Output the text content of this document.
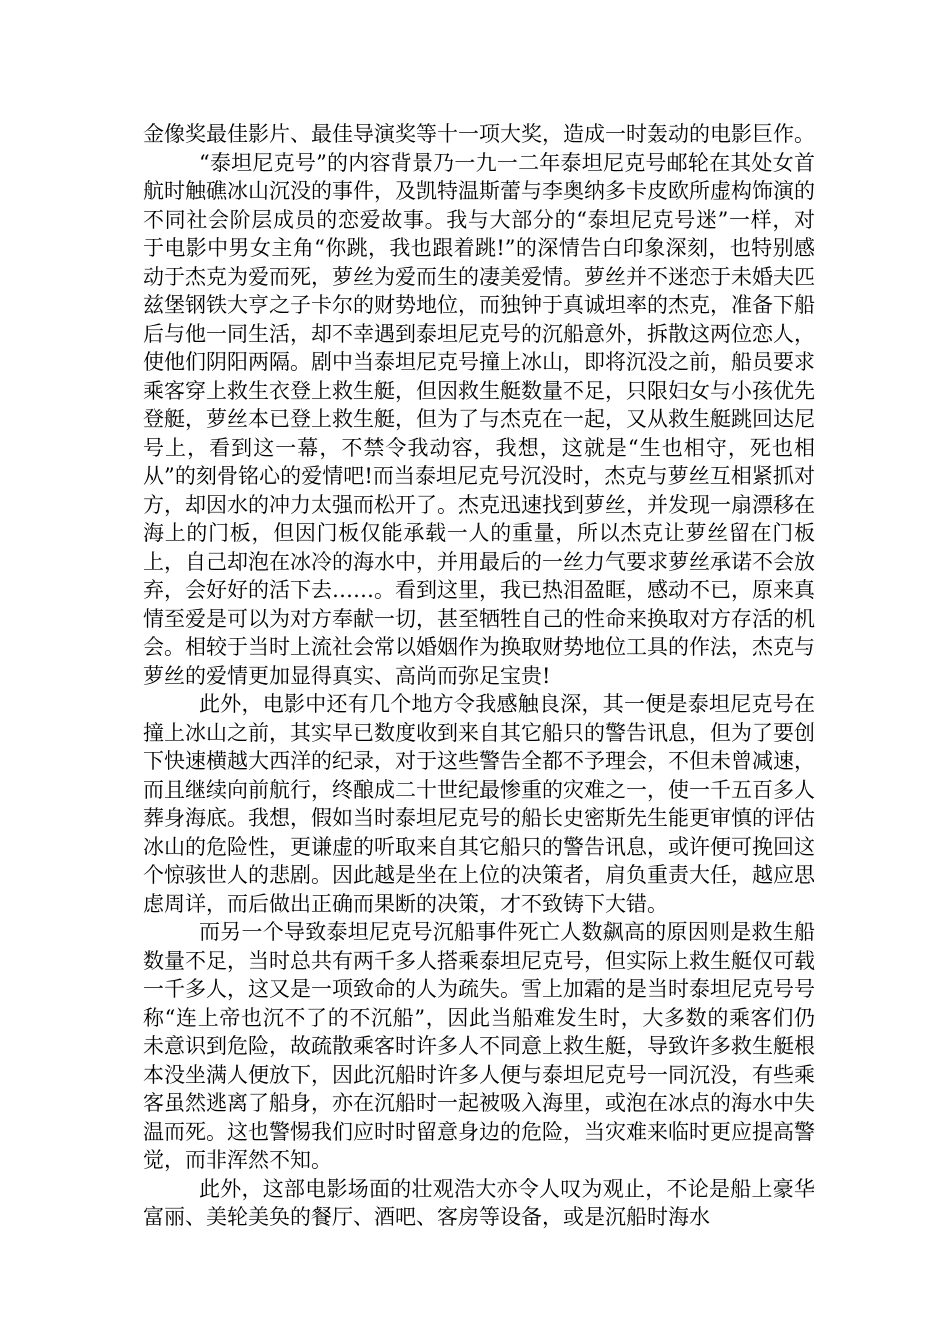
金像奖最佳影片、最佳导演奖等十一项大奖，造成一时轰动的电影巨作。

“泰坦尼克号”的内容背景乃一九一二年泰坦尼克号邮轮在其处女首航时触礁冰山沉没的事件，及凯特温斯蕾与李奥纳多卡皮欧所虚构饰演的不同社会阶层成员的恋爱故事。我与大部分的“泰坦尼克号迷”一样，对于电影中男女主角“你跳，我也跟着跳!”的深情告白印象深刻，也特别感动于杰克为爱而死，萝丝为爱而生的凄美爱情。萝丝并不迷恋于未婚夫匹兹堡钢铁大亨之子卡尔的财势地位，而独钟于真诚坦率的杰克，准备下船后与他一同生活，却不幸遇到泰坦尼克号的沉船意外，拆散这两位恋人，使他们阴阳两隔。剧中当泰坦尼克号撞上冰山，即将沉没之前，船员要求乘客穿上救生衣登上救生艇，但因救生艇数量不足，只限妇女与小孩优先登艇，萝丝本已登上救生艇，但为了与杰克在一起，又从救生艇跳回达尼号上，看到这一幕，不禁令我动容，我想，这就是“生也相守，死也相从”的刻骨铭心的爱情吧!而当泰坦尼克号沉没时，杰克与萝丝互相紧抓对方，却因水的冲力太强而松开了。杰克迅速找到萝丝，并发现一扇漂移在海上的门板，但因门板仅能承载一人的重量，所以杰克让萝丝留在门板上，自己却泡在冰冷的海水中，并用最后的一丝力气要求萝丝承诺不会放弃，会好好的活下去……。看到这里，我已热泪盈眶，感动不已，原来真情至爱是可以为对方奉献一切，甚至牺牲自己的性命来换取对方存活的机会。相较于当时上流社会常以婚姻作为换取财势地位工具的作法，杰克与萝丝的爱情更加显得真实、高尚而弥足宝贵!

此外，电影中还有几个地方令我感触良深，其一便是泰坦尼克号在撞上冰山之前，其实早已数度收到来自其它船只的警告讯息，但为了要创下快速横越大西洋的纪录，对于这些警告全都不予理会，不但未曾减速，而且继续向前航行，终酿成二十世纪最惨重的灾难之一，使一千五百多人葬身海底。我想，假如当时泰坦尼克号的船长史密斯先生能更审慎的评估冰山的危险性，更谦虚的听取来自其它船只的警告讯息，或许便可挽回这个惊骇世人的悲剧。因此越是坐在上位的决策者，肩负重责大任，越应思虑周详，而后做出正确而果断的决策，才不致铸下大错。

而另一个导致泰坦尼克号沉船事件死亡人数飙高的原因则是救生船数量不足，当时总共有两千多人搭乘泰坦尼克号，但实际上救生艇仅可载一千多人，这又是一项致命的人为疏失。雪上加霜的是当时泰坦尼克号号称“连上帝也沉不了的不沉船”，因此当船难发生时，大多数的乘客们仍未意识到危险，故疏散乘客时许多人不同意上救生艇，导致许多救生艇根本没坐满人便放下，因此沉船时许多人便与泰坦尼克号一同沉没，有些乘客虽然逃离了船身，亦在沉船时一起被吸入海里，或泡在冰点的海水中失温而死。这也警惕我们应时时留意身边的危险，当灾难来临时更应提高警觉，而非浑然不知。

此外，这部电影场面的壮观浩大亦令人叹为观止，不论是船上豪华富丽、美轮美奂的餐厅、酒吧、客房等设备，或是沉船时海水
